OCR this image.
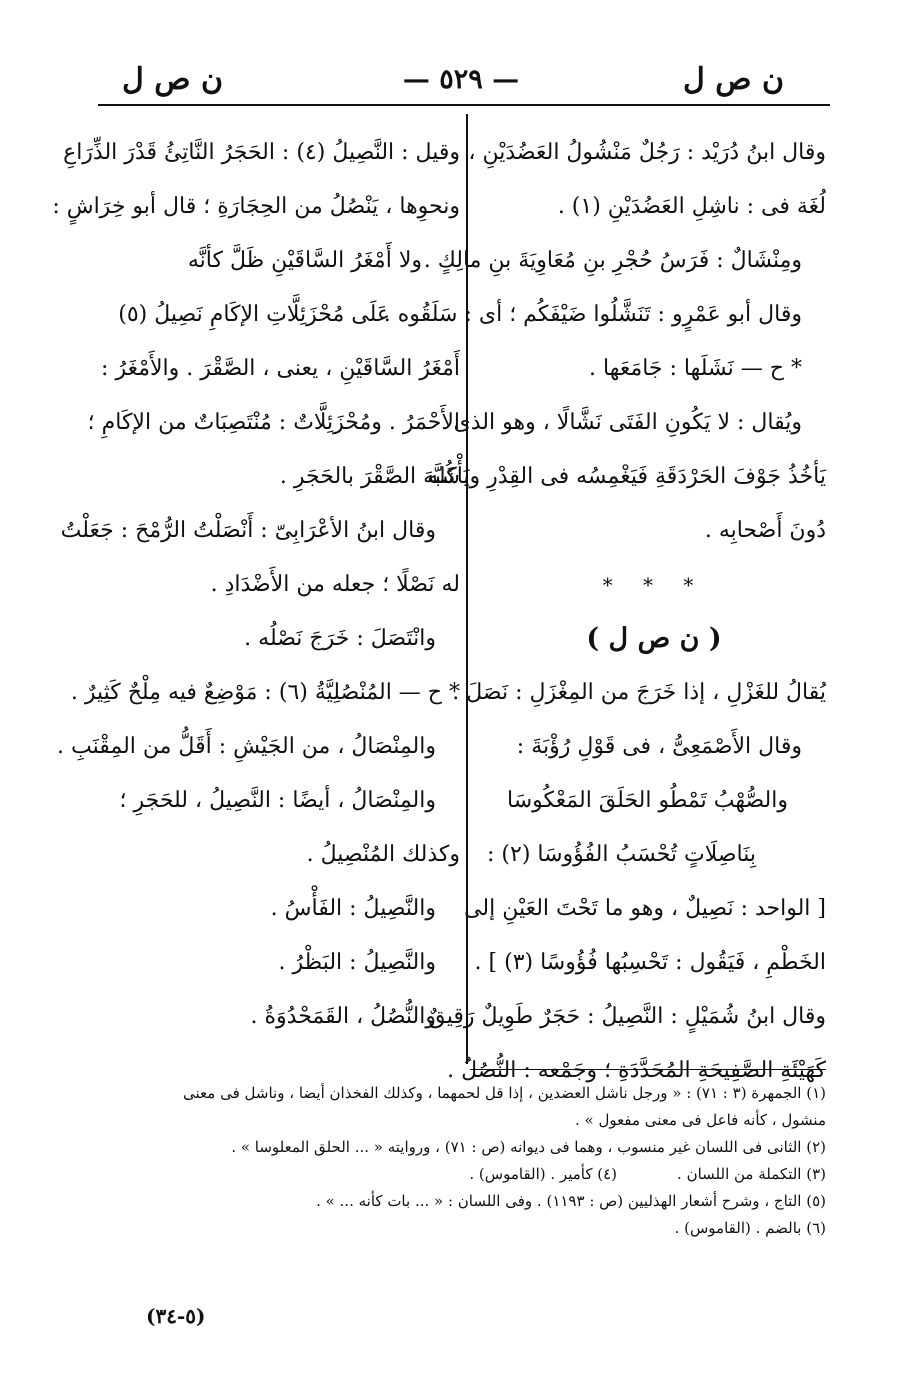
ن ص ل
— ٥٢٩ —
ن ص ل
وقال ابنُ دُرَيْد : رَجُلٌ مَنْشُولُ العَضُدَيْنِ ،
لُغَة فى : ناشِلِ العَضُدَيْنِ (١) .
ومِنْشَالٌ : فَرَسُ حُجْرِ بنِ مُعَاوِيَةَ بنِ مالِكٍ .
وقال أبو عَمْرٍو : تَنَشَّلُوا ضَيْفَكُم ؛ أى : سَلَقُوه .
* ح — نَشَلَها : جَامَعَها .
ويُقال : لا يَكُونِ الفَتَى نَشَّالًا ، وهو الذى
يَأخُذُ جَوْفَ الحَرْدَقَةِ فَيَغْمِسُه فى القِدْرِ ويَأْكُله
دُونَ أَصْحابِه .
* * *
( ن ص ل )
يُقالُ للغَزْلِ ، إذا خَرَجَ من المِغْزَلِ : نَصَلَ .
وقال الأَصْمَعِىُّ ، فى قَوْلِ رُؤْبَةَ :
والصُّهْبُ تَمْطُو الحَلَقَ المَعْكُوسَا
بِنَاصِلَاتٍ تُحْسَبُ الفُؤُوسَا (٢) :
[ الواحد : نَصِيلٌ ، وهو ما تَحْتَ العَيْنِ إلى
الخَطْمِ ، فَيَقُول : تَحْسِبُها فُؤُوسًا (٣) ] .
وقال ابنُ شُمَيْلٍ : النَّصِيلُ : حَجَرٌ طَوِيلٌ رَقِيقٌ
كَهَيْئَةِ الصَّفِيحَةِ المُحَدَّدَةِ ؛ وجَمْعه : النُّصُلُ .
وقيل : النَّصِيلُ (٤) : الحَجَرُ النَّاتِئُ قَدْرَ الذِّرَاعِ
ونحوِها ، يَنْصُلُ من الحِجَارَةِ ؛ قال أبو خِرَاشٍ :
ولا أَمْغَرُ السَّاقَيْنِ ظَلَّ كأنَّه
عَلَى مُحْزَئِلَّاتِ الإكَامِ نَصِيلُ (٥)
أَمْغَرُ السَّاقَيْنِ ، يعنى ، الصَّقْرَ . والأَمْغَرُ :
الأَحْمَرُ . ومُحْزَئِلَّاتٌ : مُنْتَصِبَاتٌ من الإكَامِ ؛
شَبَّهَ الصَّقْرَ بالحَجَرِ .
وقال ابنُ الأعْرَابِىّ : أَنْصَلْتُ الرُّمْحَ : جَعَلْتُ
له نَصْلًا ؛ جعله من الأَضْدَادِ .
وانْتَصَلَ : خَرَجَ نَصْلُه .
* ح — المُنْصُلِيَّةُ (٦) : مَوْضِعٌ فيه مِلْحٌ كَثِيرٌ .
والمِنْصَالُ ، من الجَيْشِ : أَقَلُّ من المِقْنَبِ .
والمِنْصَالُ ، أيضًا : النَّصِيلُ ، للحَجَرِ ؛
وكذلك المُنْصِيلُ .
والنَّصِيلُ : الفَأْسُ .
والنَّصِيلُ : البَظْرُ .
والنُّصُلُ ، القَمَحْدُوَةُ .
(١) الجمهرة (٣ : ٧١) : « ورجل ناشل العضدين ، إذا قل لحمهما ، وكذلك الفخذان أيضا ، وناشل فى معنى
منشول ، كأنه فاعل فى معنى مفعول » .
(٢) الثانى فى اللسان غير منسوب ، وهما فى ديوانه (ص : ٧١) ، وروايته « ... الحلق المعلوسا » .
(٣) التكملة من اللسان .
(٤) كأمير . (القاموس) .
(٥) التاج ، وشرح أشعار الهذليين (ص : ١١٩٣) . وفى اللسان : « ... بات كأنه ... » .
(٦) بالضم . (القاموس) .
(٥-٣٤)
